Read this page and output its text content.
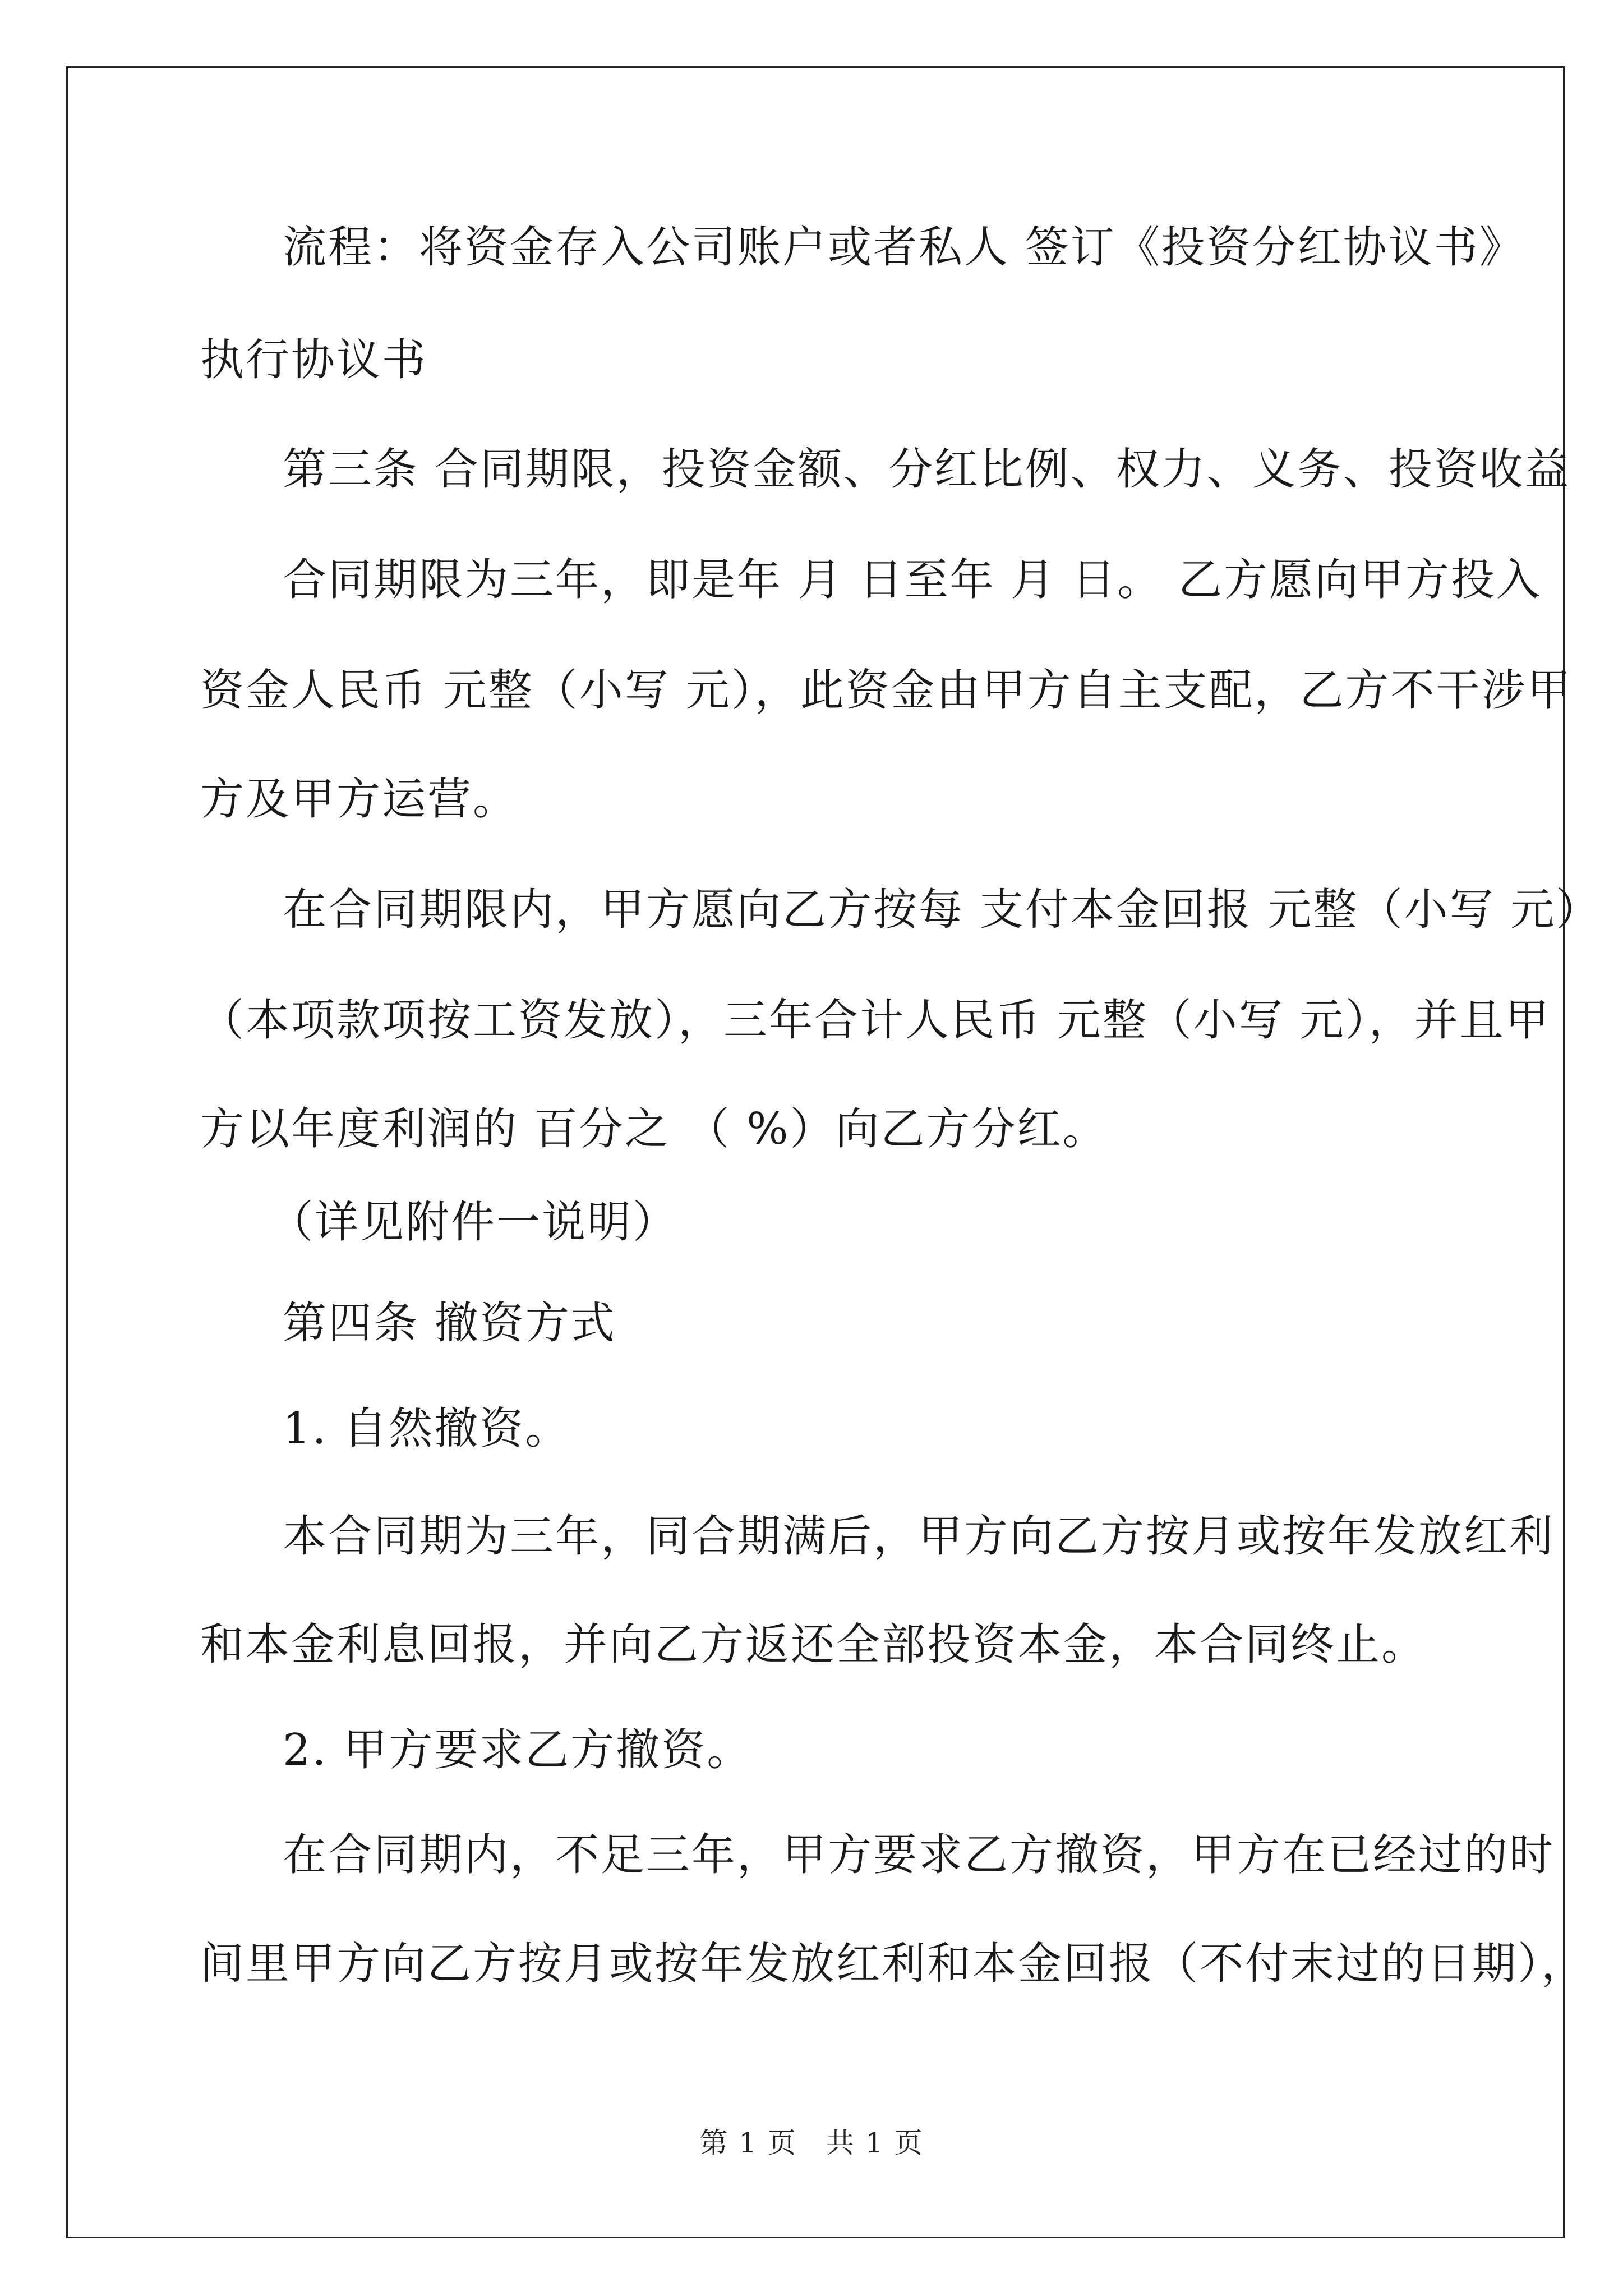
流程：将资金存入公司账户或者私人 签订《投资分红协议书》

执行协议书

第三条 合同期限，投资金额、分红比例、权力、义务、投资收益

合同期限为三年，即是年 月 日至年 月 日。 乙方愿向甲方投入

资金人民币 元整（小写 元），此资金由甲方自主支配，乙方不干涉甲

方及甲方运营。

在合同期限内，甲方愿向乙方按每 支付本金回报 元整（小写 元）

（本项款项按工资发放），三年合计人民币 元整（小写 元），并且甲

方以年度利润的 百分之 （ %）向乙方分红。

（详见附件一说明）

第四条 撤资方式

1. 自然撤资。

本合同期为三年，同合期满后，甲方向乙方按月或按年发放红利

和本金利息回报，并向乙方返还全部投资本金，本合同终止。

2. 甲方要求乙方撤资。

在合同期内，不足三年，甲方要求乙方撤资，甲方在已经过的时

间里甲方向乙方按月或按年发放红利和本金回报（不付末过的日期），

第 1 页　共 1 页
